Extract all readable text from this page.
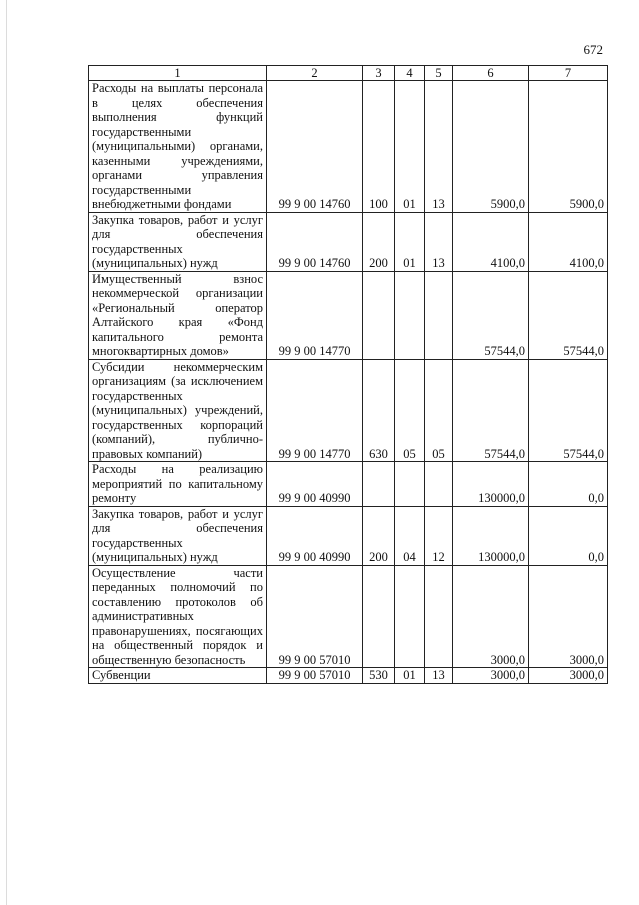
672
1	2	3	4	5	6	7
Расходы на выплаты персонала в целях обеспечения выполнения функций государственными (муниципальными) органами, казенными учреждениями, органами управления государственными внебюджетными фондами	99 9 00 14760	100	01	13	5900,0	5900,0
Закупка товаров, работ и услуг для обеспечения государственных (муниципальных) нужд	99 9 00 14760	200	01	13	4100,0	4100,0
Имущественный взнос некоммерческой организации «Региональный оператор Алтайского края «Фонд капитального ремонта многоквартирных домов»	99 9 00 14770				57544,0	57544,0
Субсидии некоммерческим организациям (за исключением государственных (муниципальных) учреждений, государственных корпораций (компаний), публично-правовых компаний)	99 9 00 14770	630	05	05	57544,0	57544,0
Расходы на реализацию мероприятий по капитальному ремонту	99 9 00 40990				130000,0	0,0
Закупка товаров, работ и услуг для обеспечения государственных (муниципальных) нужд	99 9 00 40990	200	04	12	130000,0	0,0
Осуществление части переданных полномочий по составлению протоколов об административных правонарушениях, посягающих на общественный порядок и общественную безопасность	99 9 00 57010				3000,0	3000,0
Субвенции	99 9 00 57010	530	01	13	3000,0	3000,0
